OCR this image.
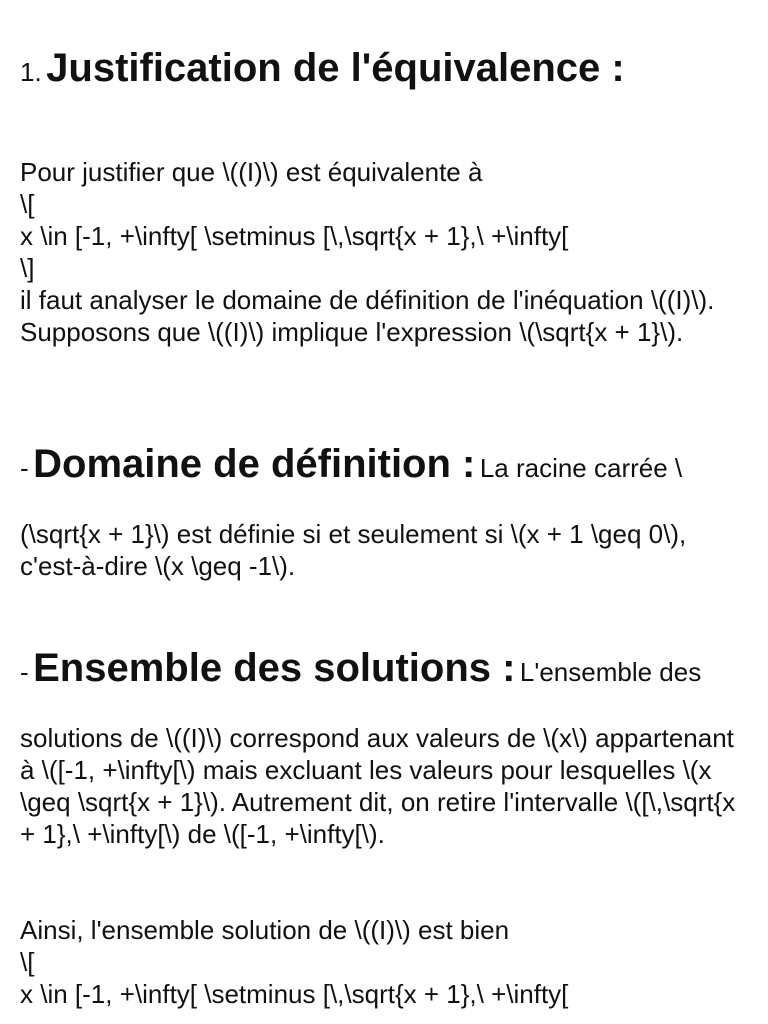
1. Justification de l'équivalence :
Pour justifier que \((I)\) est équivalente à
\[
x \in [-1, +\infty[ \setminus [\,\sqrt{x + 1},\ +\infty[
\]
il faut analyser le domaine de définition de l'inéquation \((I)\). Supposons que \((I)\) implique l'expression \(\sqrt{x + 1}\).
- Domaine de définition : La racine carrée \
(\sqrt{x + 1}\) est définie si et seulement si \(x + 1 \geq 0\), c'est-à-dire \(x \geq -1\).
- Ensemble des solutions : L'ensemble des
solutions de \((I)\) correspond aux valeurs de \(x\) appartenant à \([-1, +\infty[\) mais excluant les valeurs pour lesquelles \(x \geq \sqrt{x + 1}\). Autrement dit, on retire l'intervalle \([\,\sqrt{x + 1},\ +\infty[\) de \([-1, +\infty[\).
Ainsi, l'ensemble solution de \((I)\) est bien
\[
x \in [-1, +\infty[ \setminus [\,\sqrt{x + 1},\ +\infty[
